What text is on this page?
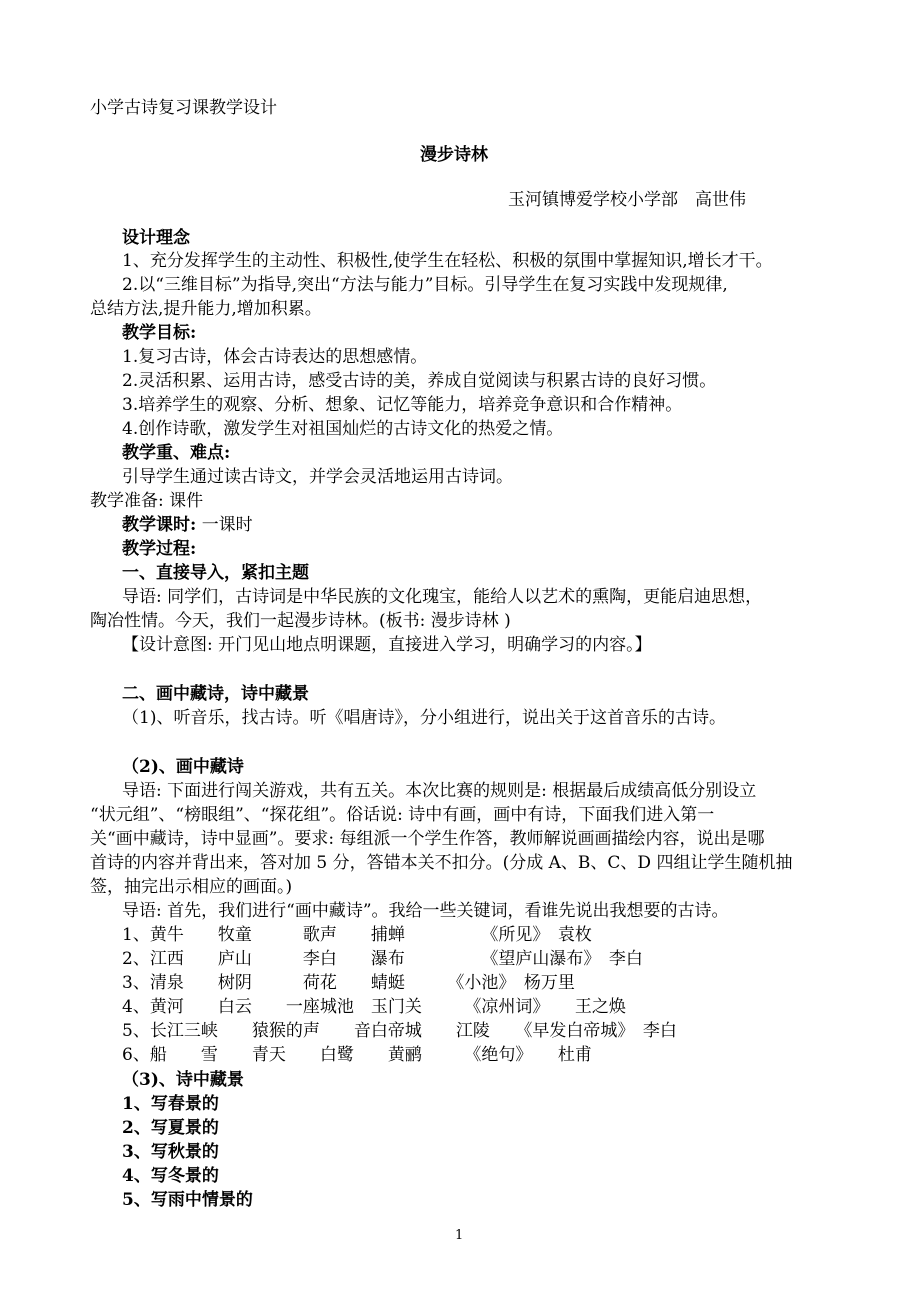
小学古诗复习课教学设计
漫步诗林
玉河镇博爱学校小学部　高世伟
设计理念
1、充分发挥学生的主动性、积极性,使学生在轻松、积极的氛围中掌握知识,增长才干。
2.以“三维目标”为指导,突出“方法与能力”目标。引导学生在复习实践中发现规律,
总结方法,提升能力,增加积累。
教学目标:
1.复习古诗，体会古诗表达的思想感情。
2.灵活积累、运用古诗，感受古诗的美，养成自觉阅读与积累古诗的良好习惯。
3.培养学生的观察、分析、想象、记忆等能力，培养竞争意识和合作精神。
4.创作诗歌，激发学生对祖国灿烂的古诗文化的热爱之情。
教学重、难点:
引导学生通过读古诗文，并学会灵活地运用古诗词。
教学准备: 课件
教学课时: 一课时
教学过程:
一、直接导入，紧扣主题
导语: 同学们，古诗词是中华民族的文化瑰宝，能给人以艺术的熏陶，更能启迪思想，
陶冶性情。今天，我们一起漫步诗林。(板书: 漫步诗林 )
【设计意图: 开门见山地点明课题，直接进入学习，明确学习的内容。】
二、画中藏诗，诗中藏景
（1)、听音乐，找古诗。听《唱唐诗》，分小组进行，说出关于这首音乐的古诗。
（2)、画中藏诗
导语: 下面进行闯关游戏，共有五关。本次比赛的规则是: 根据最后成绩高低分别设立
“状元组”、“榜眼组”、“探花组”。俗话说: 诗中有画，画中有诗，下面我们进入第一
关“画中藏诗，诗中显画”。要求: 每组派一个学生作答，教师解说画画描绘内容，说出是哪
首诗的内容并背出来，答对加 5 分，答错本关不扣分。(分成 A、B、C、D 四组让学生随机抽
签，抽完出示相应的画面。)
导语: 首先，我们进行“画中藏诗”。我给一些关键词，看谁先说出我想要的古诗。
1、黄牛　　牧童　　　歌声　　捕蝉　　　　　《所见》　袁枚
2、江西　　庐山　　　李白　　瀑布　　　　　《望庐山瀑布》　李白
3、清泉　　树阴　　　荷花　　蜻蜓　　　《小池》　杨万里
4、黄河　　白云　　一座城池　玉门关　　　《凉州词》　　王之焕
5、长江三峡　　猿猴的声　　音白帝城　　江陵　　《早发白帝城》　李白
6、船　　雪　　青天　　白鹭　　黄鹂　　　《绝句》　　杜甫
（3)、诗中藏景
1、写春景的
2、写夏景的
3、写秋景的
4、写冬景的
5、写雨中情景的
1
